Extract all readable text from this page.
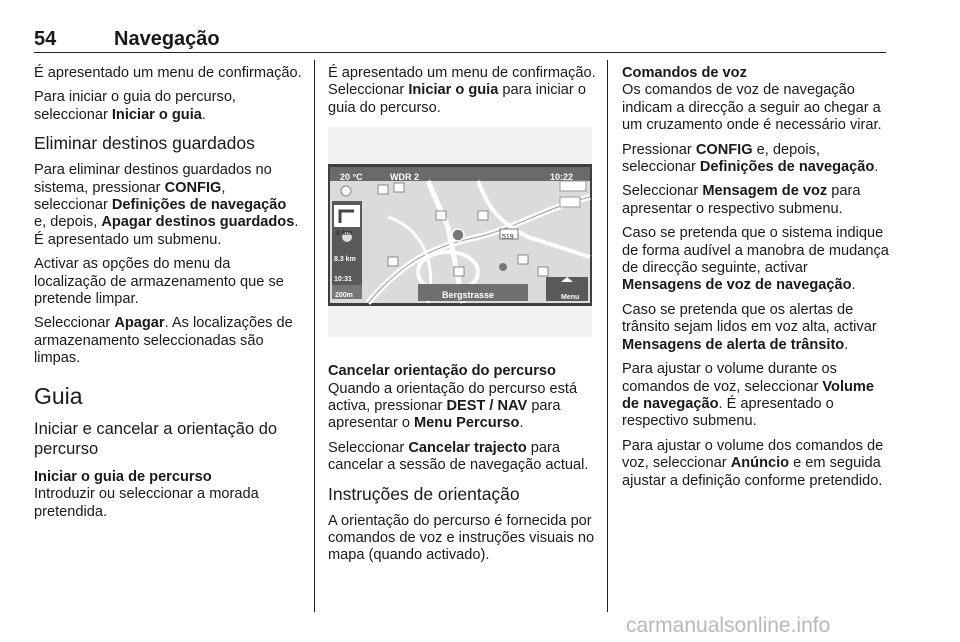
54	Navegação

É apresentado um menu de confirmação.

Para iniciar o guia do percurso, seleccionar Iniciar o guia.

Eliminar destinos guardados

Para eliminar destinos guardados no sistema, pressionar CONFIG, seleccionar Definições de navegação e, depois, Apagar destinos guardados. É apresentado um submenu.

Activar as opções do menu da localização de armazenamento que se pretende limpar.

Seleccionar Apagar. As localizações de armazenamento seleccionadas são limpas.

Guia
Iniciar e cancelar a orientação do percurso
Iniciar o guia de percurso

Introduzir ou seleccionar a morada pretendida.

É apresentado um menu de confirmação. Seleccionar Iniciar o guia para iniciar o guia do percurso.

20 °C	WDR 2	10:22
0 km
8.3 km
10:31
200m	Bergstrasse	Menu
519
Cancelar orientação do percurso

Quando a orientação do percurso está activa, pressionar DEST / NAV para apresentar o Menu Percurso.

Seleccionar Cancelar trajecto para cancelar a sessão de navegação actual.

Instruções de orientação

A orientação do percurso é fornecida por comandos de voz e instruções visuais no mapa (quando activado).

Comandos de voz

Os comandos de voz de navegação indicam a direcção a seguir ao chegar a um cruzamento onde é necessário virar.

Pressionar CONFIG e, depois, seleccionar Definições de navegação.

Seleccionar Mensagem de voz para apresentar o respectivo submenu.

Caso se pretenda que o sistema indique de forma audível a manobra de mudança de direcção seguinte, activar Mensagens de voz de navegação.

Caso se pretenda que os alertas de trânsito sejam lidos em voz alta, activar Mensagens de alerta de trânsito.

Para ajustar o volume durante os comandos de voz, seleccionar Volume de navegação. É apresentado o respectivo submenu.

Para ajustar o volume dos comandos de voz, seleccionar Anúncio e em seguida ajustar a definição conforme pretendido.

carmanualsonline.info
